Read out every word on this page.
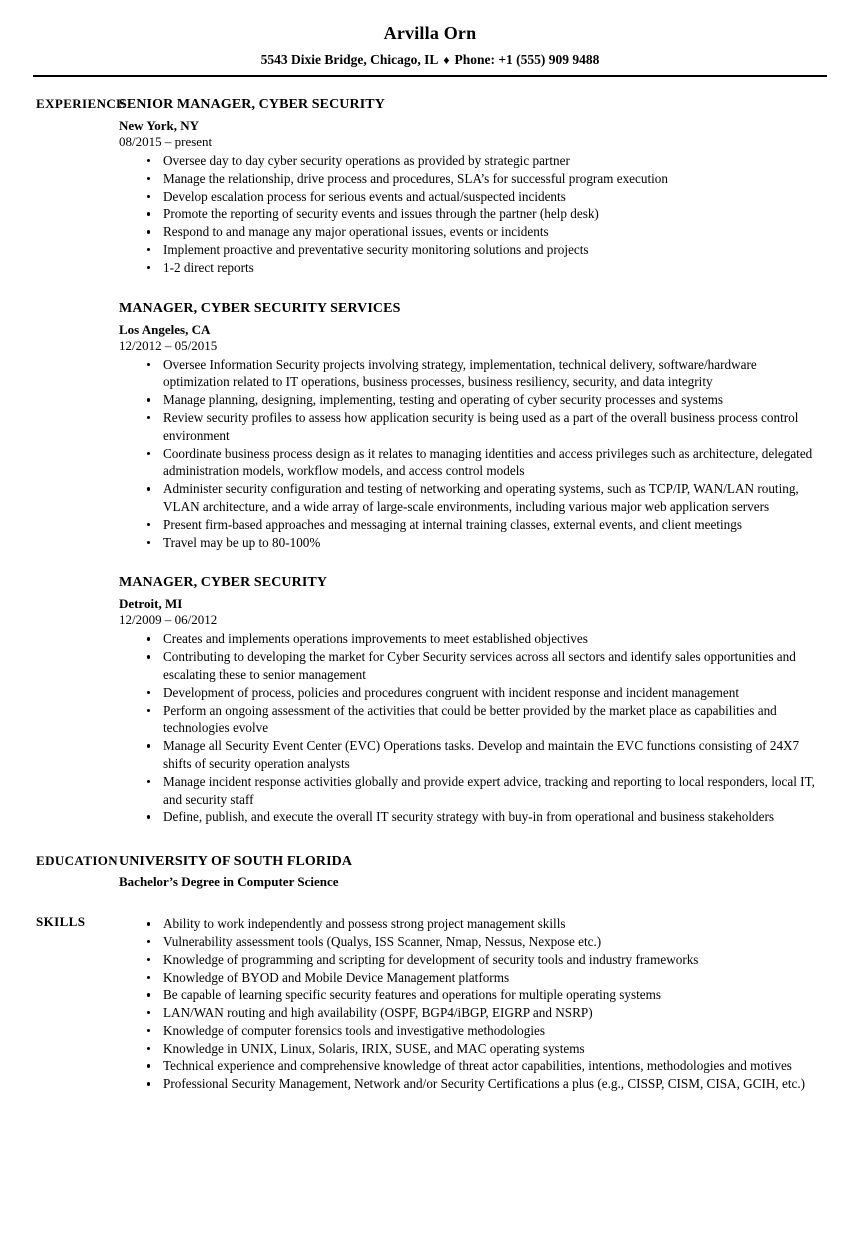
Arvilla Orn
5543 Dixie Bridge, Chicago, IL ♦ Phone: +1 (555) 909 9488
EXPERIENCE
SENIOR MANAGER, CYBER SECURITY
New York, NY
08/2015 – present
Oversee day to day cyber security operations as provided by strategic partner
Manage the relationship, drive process and procedures, SLA’s for successful program execution
Develop escalation process for serious events and actual/suspected incidents
Promote the reporting of security events and issues through the partner (help desk)
Respond to and manage any major operational issues, events or incidents
Implement proactive and preventative security monitoring solutions and projects
1-2 direct reports
MANAGER, CYBER SECURITY SERVICES
Los Angeles, CA
12/2012 – 05/2015
Oversee Information Security projects involving strategy, implementation, technical delivery, software/hardware optimization related to IT operations, business processes, business resiliency, security, and data integrity
Manage planning, designing, implementing, testing and operating of cyber security processes and systems
Review security profiles to assess how application security is being used as a part of the overall business process control environment
Coordinate business process design as it relates to managing identities and access privileges such as architecture, delegated administration models, workflow models, and access control models
Administer security configuration and testing of networking and operating systems, such as TCP/IP, WAN/LAN routing, VLAN architecture, and a wide array of large-scale environments, including various major web application servers
Present firm-based approaches and messaging at internal training classes, external events, and client meetings
Travel may be up to 80-100%
MANAGER, CYBER SECURITY
Detroit, MI
12/2009 – 06/2012
Creates and implements operations improvements to meet established objectives
Contributing to developing the market for Cyber Security services across all sectors and identify sales opportunities and escalating these to senior management
Development of process, policies and procedures congruent with incident response and incident management
Perform an ongoing assessment of the activities that could be better provided by the market place as capabilities and technologies evolve
Manage all Security Event Center (EVC) Operations tasks. Develop and maintain the EVC functions consisting of 24X7 shifts of security operation analysts
Manage incident response activities globally and provide expert advice, tracking and reporting to local responders, local IT, and security staff
Define, publish, and execute the overall IT security strategy with buy-in from operational and business stakeholders
EDUCATION UNIVERSITY OF SOUTH FLORIDA
Bachelor’s Degree in Computer Science
SKILLS	Ability to work independently and possess strong project management skills
Vulnerability assessment tools (Qualys, ISS Scanner, Nmap, Nessus, Nexpose etc.)
Knowledge of programming and scripting for development of security tools and industry frameworks
Knowledge of BYOD and Mobile Device Management platforms
Be capable of learning specific security features and operations for multiple operating systems
LAN/WAN routing and high availability (OSPF, BGP4/iBGP, EIGRP and NSRP)
Knowledge of computer forensics tools and investigative methodologies
Knowledge in UNIX, Linux, Solaris, IRIX, SUSE, and MAC operating systems
Technical experience and comprehensive knowledge of threat actor capabilities, intentions, methodologies and motives
Professional Security Management, Network and/or Security Certifications a plus (e.g., CISSP, CISM, CISA, GCIH, etc.)
